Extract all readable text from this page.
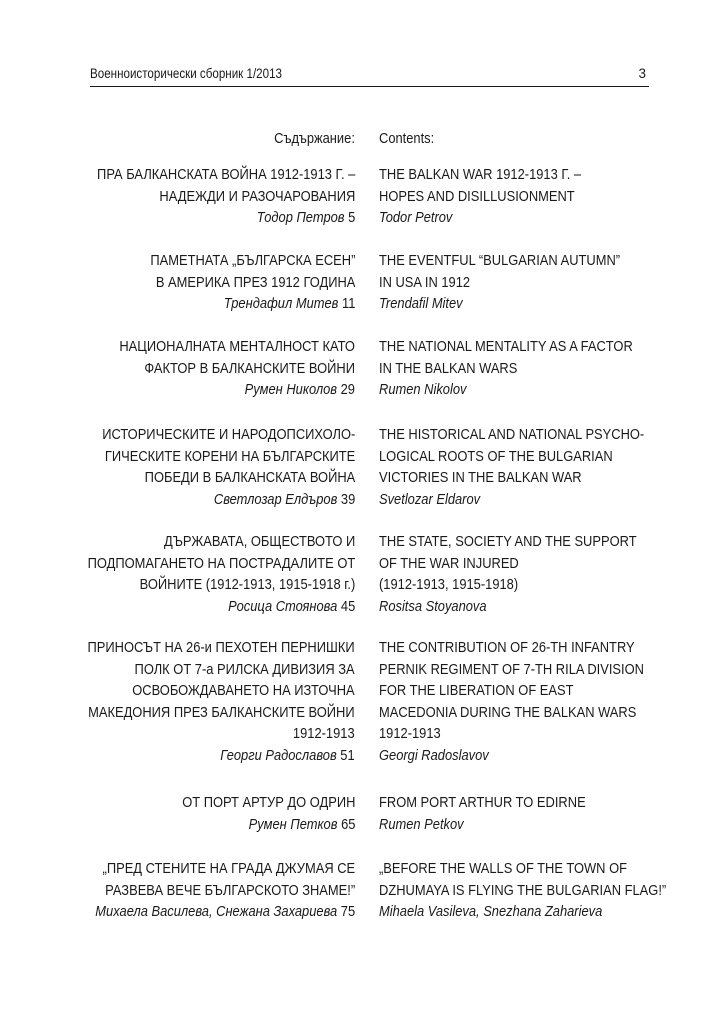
Военноисторически сборник 1/2013	3
Съдържание: Contents:
ПРА БАЛКАНСКАТА ВОЙНА 1912-1913 Г. –
НАДЕЖДИ И РАЗОЧАРОВАНИЯ
Тодор Петров 5
THE BALKAN WAR 1912-1913 Г. –
HOPES AND DISILLUSIONMENT
Todor Petrov
ПАМЕТНАТА „БЪЛГАРСКА ЕСЕН”
В АМЕРИКА ПРЕЗ 1912 ГОДИНА
Трендафил Митев 11
THE EVENTFUL “BULGARIAN AUTUMN”
IN USA IN 1912
Trendafil Mitev
НАЦИОНАЛНАТА МЕНТАЛНОСТ КАТО
ФАКТОР В БАЛКАНСКИТЕ ВОЙНИ
Румен Николов 29
THE NATIONAL MENTALITY AS A FACTOR
IN THE BALKAN WARS
Rumen Nikolov
ИСТОРИЧЕСКИТЕ И НАРОДОПСИХОЛО-
ГИЧЕСКИТЕ КОРЕНИ НА БЪЛГАРСКИТЕ
ПОБЕДИ В БАЛКАНСКАТА ВОЙНА
Светлозар Елдъров 39
THE HISTORICAL AND NATIONAL PSYCHO-
LOGICAL ROOTS OF THE BULGARIAN
VICTORIES IN THE BALKAN WAR
Svetlozar Eldarov
ДЪРЖАВАТА, ОБЩЕСТВОТО И
ПОДПОМАГАНЕТО НА ПОСТРАДАЛИТЕ ОТ
ВОЙНИТЕ (1912-1913, 1915-1918 г.)
Росица Стоянова 45
THE STATE, SOCIETY AND THE SUPPORT
OF THE WAR INJURED
(1912-1913, 1915-1918)
Rositsa Stoyanova
ПРИНОСЪТ НА 26-и ПЕХОТЕН ПЕРНИШКИ
ПОЛК ОТ 7-а РИЛСКА ДИВИЗИЯ ЗА
ОСВОБОЖДАВАНЕТО НА ИЗТОЧНА
МАКЕДОНИЯ ПРЕЗ БАЛКАНСКИТЕ ВОЙНИ
1912-1913
Георги Радославов 51
THE CONTRIBUTION OF 26-TH INFANTRY
PERNIK REGIMENT OF 7-TH RILA DIVISION
FOR THE LIBERATION OF EAST
MACEDONIA DURING THE BALKAN WARS
1912-1913
Georgi Radoslavov
ОТ ПОРТ АРТУР ДО ОДРИН
Румен Петков 65
FROM PORT ARTHUR TO EDIRNE
Rumen Petkov
„ПРЕД СТЕНИТЕ НА ГРАДА ДЖУМАЯ СЕ
РАЗВЕВА ВЕЧЕ БЪЛГАРСКОТО ЗНАМЕ!”
Михаела Василева, Снежана Захариева 75
„BEFORE THE WALLS OF THE TOWN OF
DZHUMAYA IS FLYING THE BULGARIAN FLAG!”
Mihaela Vasileva, Snezhana Zaharieva
